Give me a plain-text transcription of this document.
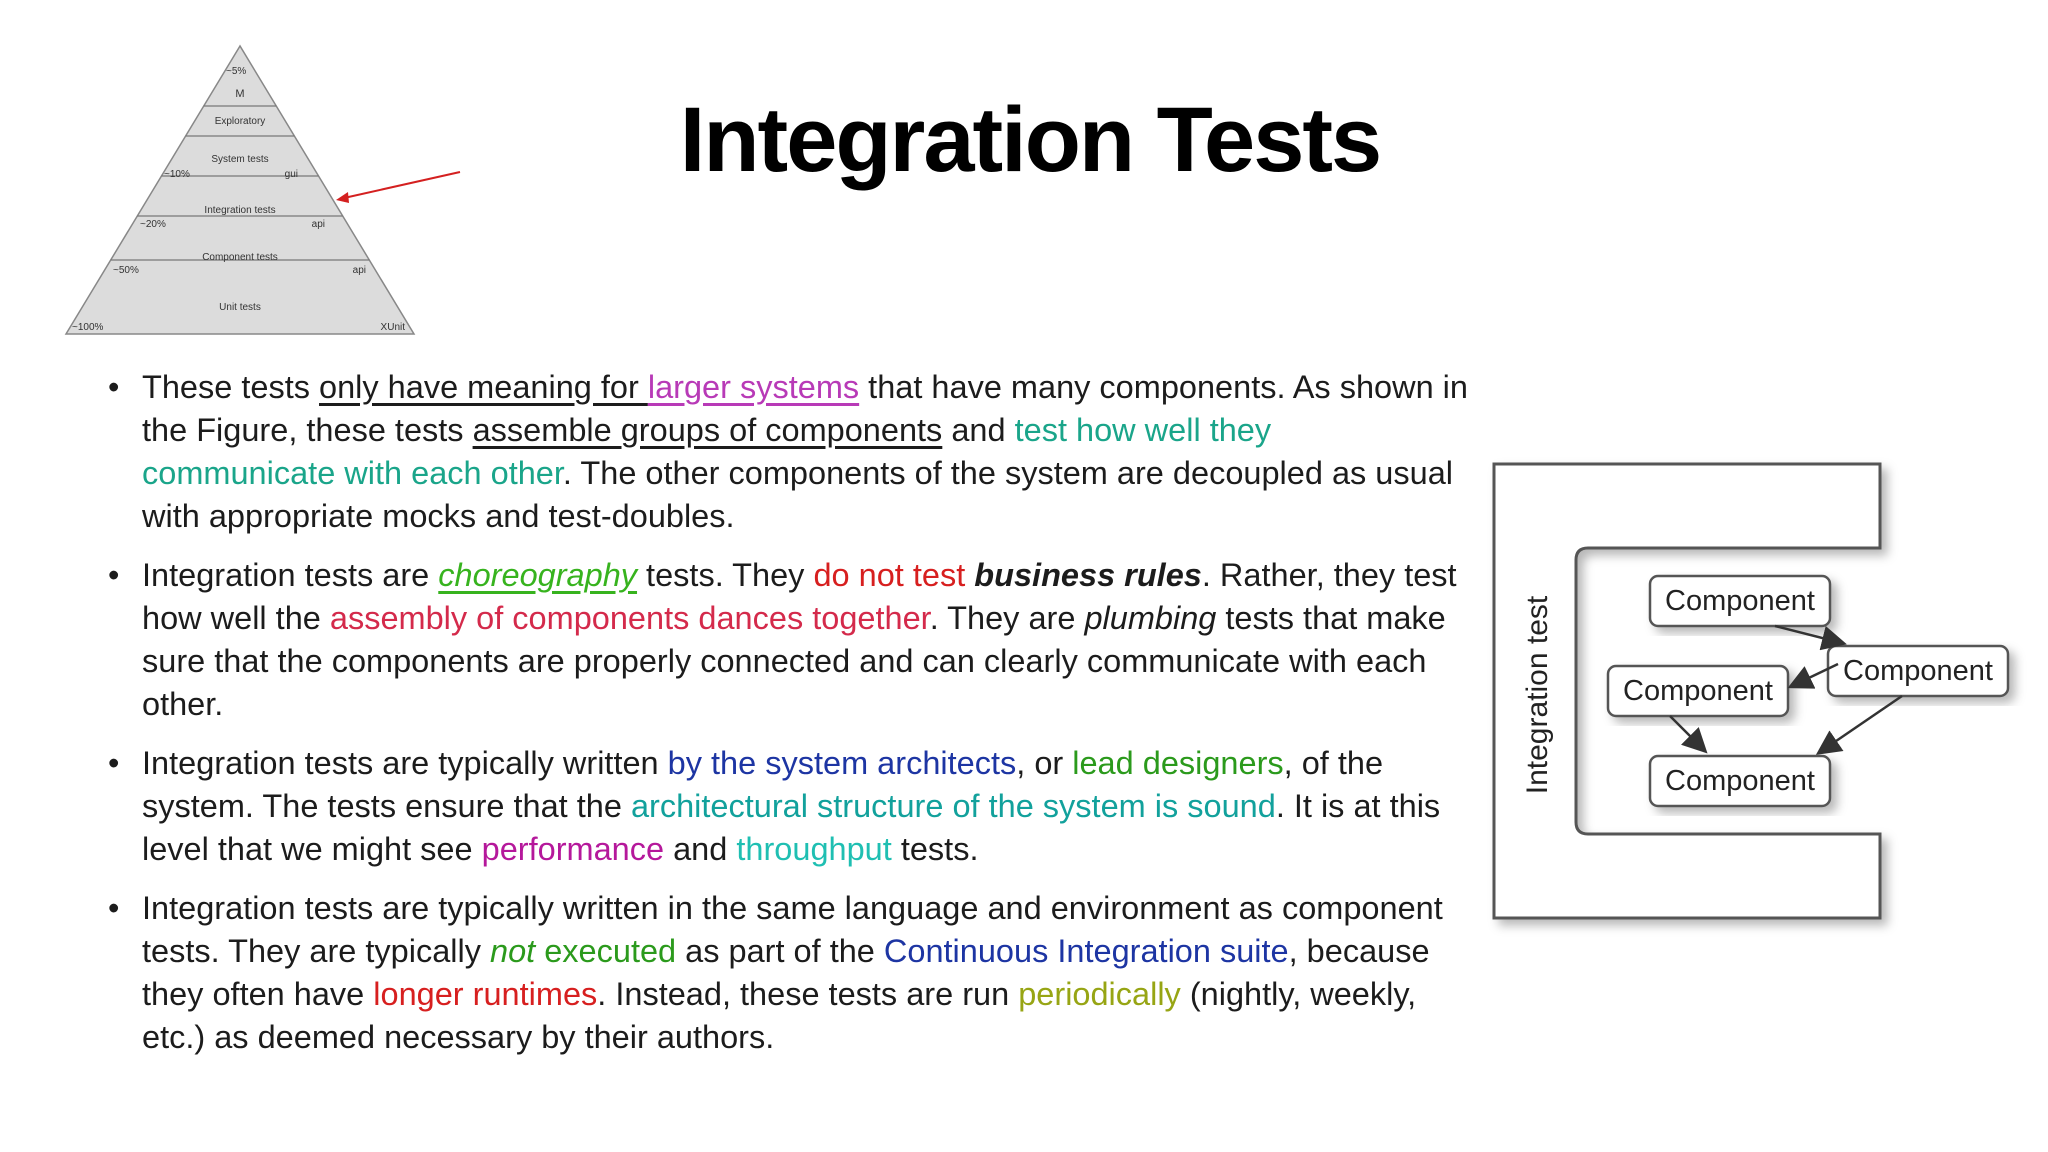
Integration Tests
~5%
M
Exploratory
System tests
~10%	gui
Integration tests
~20%	api
Component tests
~50%	api
Unit tests
~100%	XUnit
• These tests only have meaning for larger systems that have many components. As shown in the Figure, these tests assemble groups of components and test how well they communicate with each other. The other components of the system are decoupled as usual with appropriate mocks and test-doubles.
• Integration tests are choreography tests. They do not test business rules. Rather, they test how well the assembly of components dances together. They are plumbing tests that make sure that the components are properly connected and can clearly communicate with each other.
• Integration tests are typically written by the system architects, or lead designers, of the system. The tests ensure that the architectural structure of the system is sound. It is at this level that we might see performance and throughput tests.
• Integration tests are typically written in the same language and environment as component tests. They are typically not executed as part of the Continuous Integration suite, because they often have longer runtimes. Instead, these tests are run periodically (nightly, weekly, etc.) as deemed necessary by their authors.
Integration test	Component
Component
Component
Component
